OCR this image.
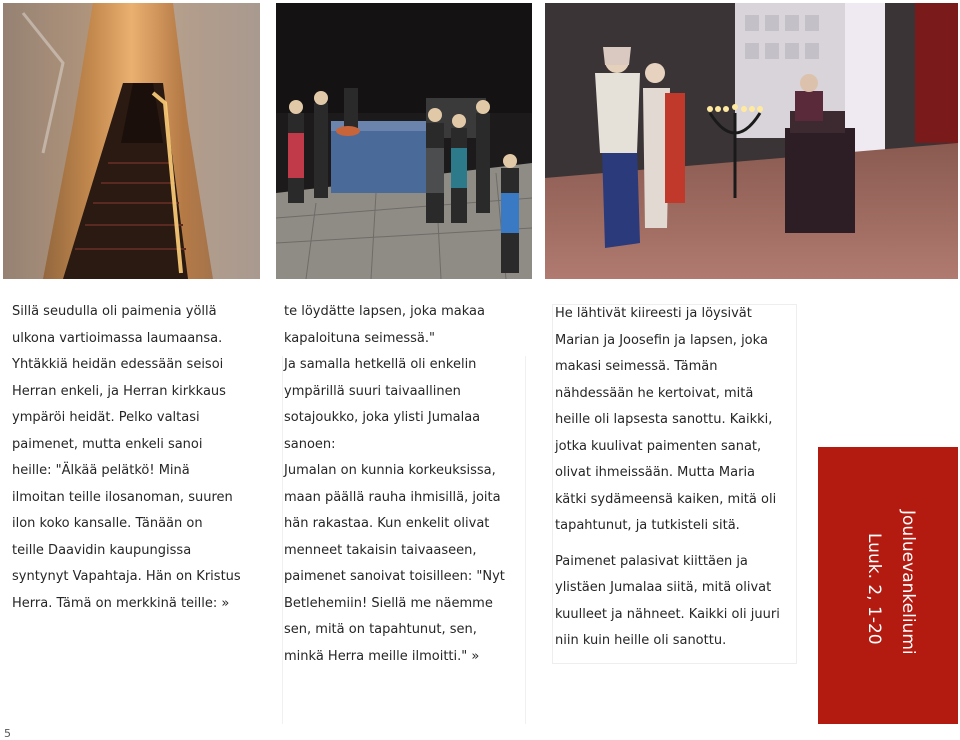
Sillä seudulla oli paimenia yöllä
ulkona vartioimassa laumaansa.
Yhtäkkiä heidän edessään seisoi
Herran enkeli, ja Herran kirkkaus
ympäröi heidät. Pelko valtasi
paimenet, mutta enkeli sanoi
heille: "Älkää pelätkö! Minä
ilmoitan teille ilosanoman, suuren
ilon koko kansalle. Tänään on
teille Daavidin kaupungissa
syntynyt Vapahtaja. Hän on Kristus
Herra. Tämä on merkkinä teille: »
te löydätte lapsen, joka makaa
kapaloituna seimessä."
Ja samalla hetkellä oli enkelin
ympärillä suuri taivaallinen
sotajoukko, joka ylisti Jumalaa
sanoen:
Jumalan on kunnia korkeuksissa,
maan päällä rauha ihmisillä, joita
hän rakastaa. Kun enkelit olivat
menneet takaisin taivaaseen,
paimenet sanoivat toisilleen: "Nyt
Betlehemiin! Siellä me näemme
sen, mitä on tapahtunut, sen,
minkä Herra meille ilmoitti." »
He lähtivät kiireesti ja löysivät
Marian ja Joosefin ja lapsen, joka
makasi seimessä. Tämän
nähdessään he kertoivat, mitä
heille oli lapsesta sanottu. Kaikki,
jotka kuulivat paimenten sanat,
olivat ihmeissään. Mutta Maria
kätki sydämeensä kaiken, mitä oli
tapahtunut, ja tutkisteli sitä.
Paimenet palasivat kiittäen ja
ylistäen Jumalaa siitä, mitä olivat
kuulleet ja nähneet. Kaikki oli juuri
niin kuin heille oli sanottu.	Jouluevankeliumi
Luuk. 2, 1-20
5
